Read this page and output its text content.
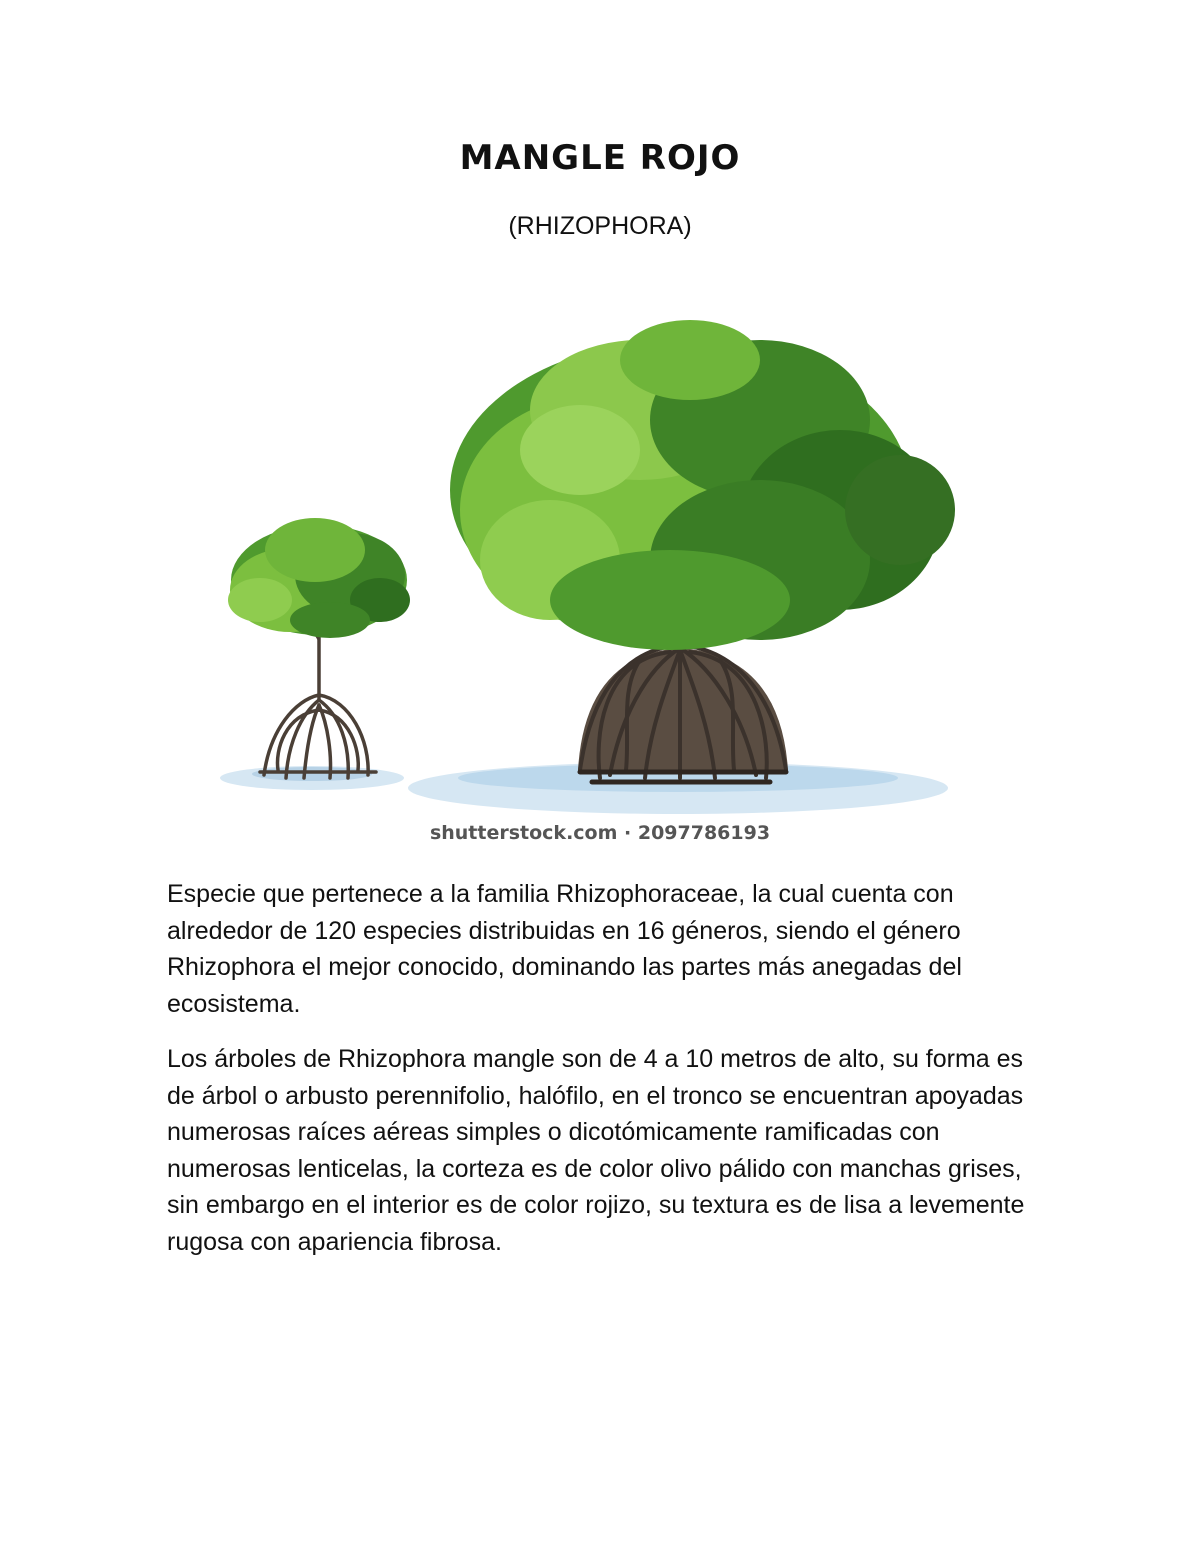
MANGLE ROJO
(RHIZOPHORA)
shutterstock.com · 2097786193

Especie que pertenece a la familia Rhizophoraceae, la cual cuenta con alrededor de 120 especies distribuidas en 16 géneros, siendo el género Rhizophora el mejor conocido, dominando las partes más anegadas del ecosistema.

Los árboles de Rhizophora mangle son de 4 a 10 metros de alto, su forma es de árbol o arbusto perennifolio, halófilo, en el tronco se encuentran apoyadas numerosas raíces aéreas simples o dicotómicamente ramificadas con numerosas lenticelas, la corteza es de color olivo pálido con manchas grises, sin embargo en el interior es de color rojizo, su textura es de lisa a levemente rugosa con apariencia fibrosa.
